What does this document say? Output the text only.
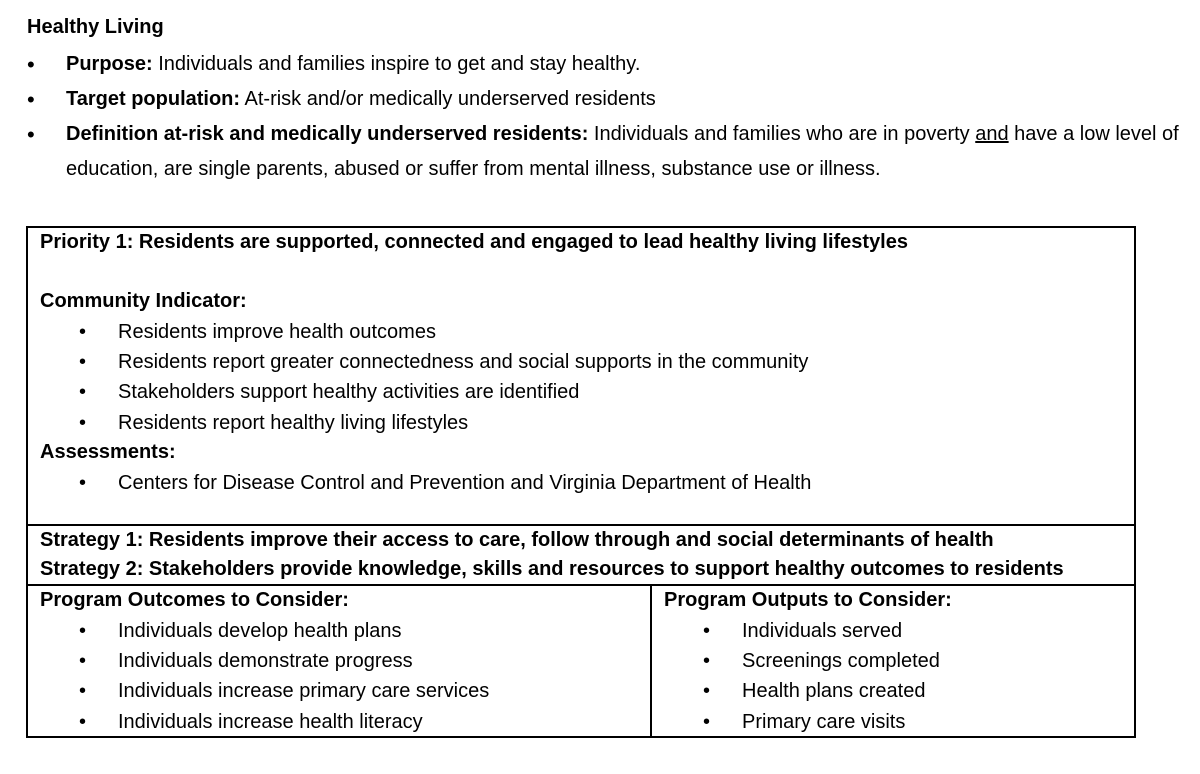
Healthy Living
• Purpose: Individuals and families inspire to get and stay healthy.
• Target population: At-risk and/or medically underserved residents
• Definition at-risk and medically underserved residents: Individuals and families who are in poverty and have a low level of education, are single parents, abused or suffer from mental illness, substance use or illness.
Priority 1: Residents are supported, connected and engaged to lead healthy living lifestyles
Community Indicator:
• Residents improve health outcomes
• Residents report greater connectedness and social supports in the community
• Stakeholders support healthy activities are identified
• Residents report healthy living lifestyles
Assessments:
• Centers for Disease Control and Prevention and Virginia Department of Health
Strategy 1: Residents improve their access to care, follow through and social determinants of health
Strategy 2: Stakeholders provide knowledge, skills and resources to support healthy outcomes to residents
Program Outcomes to Consider:
• Individuals develop health plans
• Individuals demonstrate progress
• Individuals increase primary care services
• Individuals increase health literacy
Program Outputs to Consider:
• Individuals served
• Screenings completed
• Health plans created
• Primary care visits
